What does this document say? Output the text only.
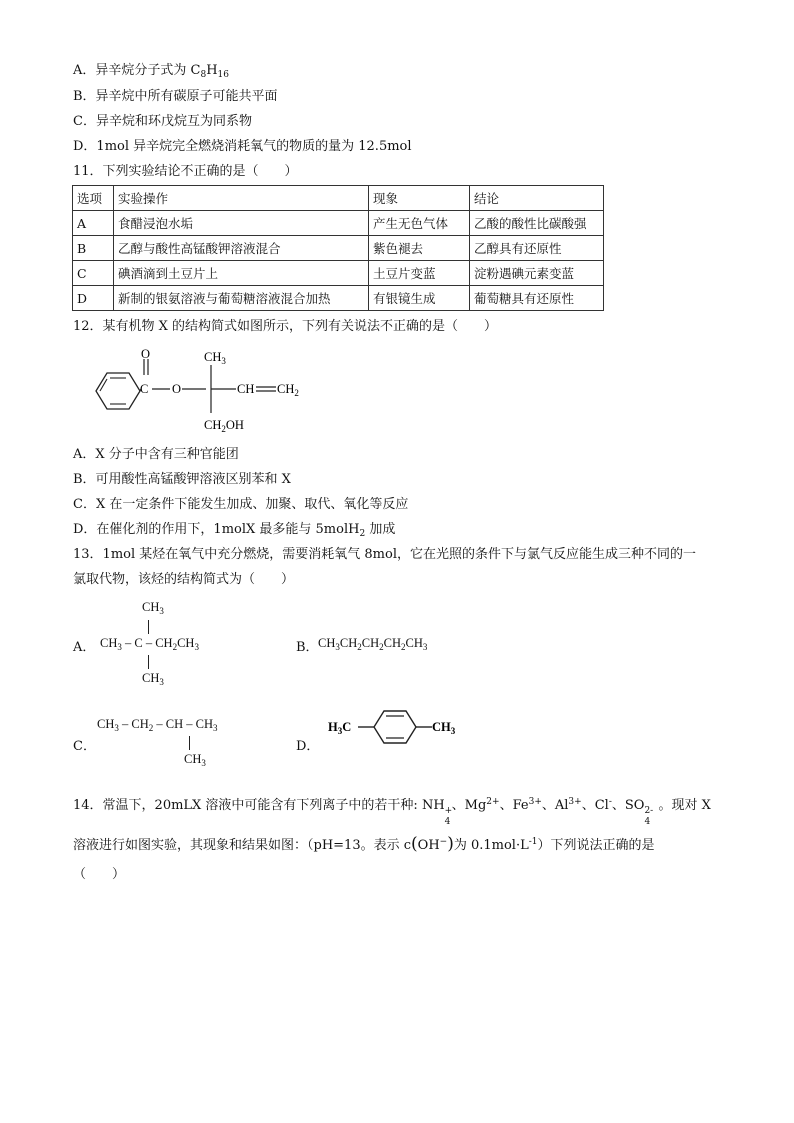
A．异辛烷分子式为 $C_8H_{16}$
B．异辛烷中所有碳原子可能共平面
C．异辛烷和环戊烷互为同系物
D．1mol 异辛烷完全燃烧消耗氧气的物质的量为 12.5mol
11．下列实验结论不正确的是（　　）
选项	实验操作	现象	结论
A	食醋浸泡水垢	产生无色气体	乙酸的酸性比碳酸强
B	乙醇与酸性高锰酸钾溶液混合	紫色褪去	乙醇具有还原性
C	碘酒滴到土豆片上	土豆片变蓝	淀粉遇碘元素变蓝
D	新制的银氨溶液与葡萄糖溶液混合加热	有银镜生成	葡萄糖具有还原性
12．某有机物 X 的结构简式如图所示，下列有关说法不正确的是（　　）
O
C O
$CH_3$
CH $CH_2$
$CH_2OH$
A．X 分子中含有三种官能团
B．可用酸性高锰酸钾溶液区别苯和 X
C．X 在一定条件下能发生加成、加聚、取代、氧化等反应
D．在催化剂的作用下，1molX 最多能与 5molH$_2$ 加成
13．1mol 某烃在氧气中充分燃烧，需要消耗氧气 8mol，它在光照的条件下与氯气反应能生成三种不同的一
氯取代物，该烃的结构简式为（　　）
A．
$CH_3$
$CH_3$ – C – $CH_2CH_3$
$CH_3$
B． $CH_3CH_2CH_2CH_2CH_3$
$CH_3 - CH_2$ – CH – $CH_3$
C．
$CH_3$
D．
$H_3C$	$CH_3$
14．常温下，20mLX 溶液中可能含有下列离子中的若干种: NH +
4
、$Mg^{2+}$、$Fe^{3+}$、$Al^{3+}$、Cl-、SO 2-
4
。现对 X
溶液进行如图实验，其现象和结果如图：（pH=13。表示 c(OH−)为 $0.1mol\cdot L^{-1}$）下列说法正确的是
（　　）
